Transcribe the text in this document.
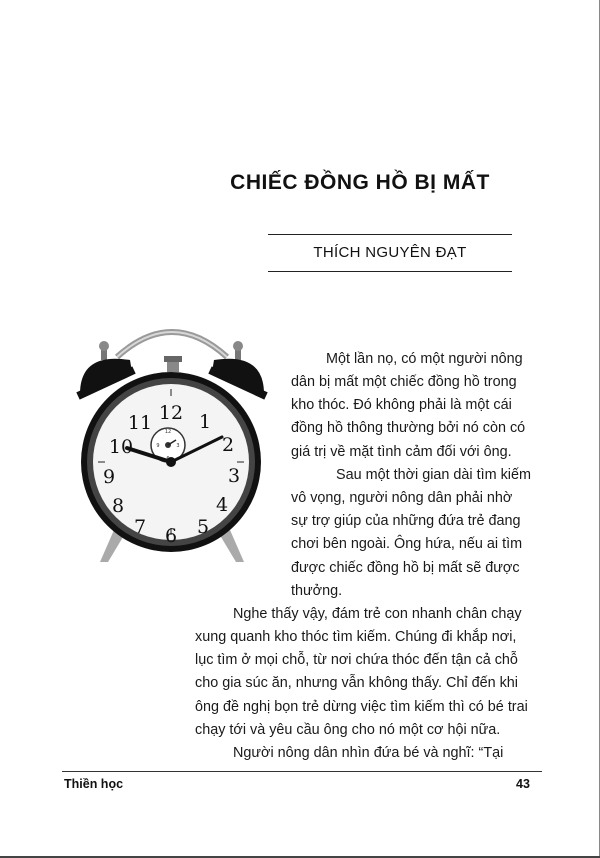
CHIẾC ĐỒNG HỒ BỊ MẤT
THÍCH NGUYÊN ĐẠT
12 1
2
3
4
5
6
7
8
9
10
11	12
3
9

Một lần nọ, có một người nông

dân bị mất một chiếc đồng hồ trong
kho thóc. Đó không phải là một cái
đồng hồ thông thường bởi nó còn có
giá trị về mặt tình cảm đối với ông.

Sau một thời gian dài tìm kiếm

vô vọng, người nông dân phải nhờ
sự trợ giúp của những đứa trẻ đang
chơi bên ngoài. Ông hứa, nếu ai tìm
được chiếc đồng hồ bị mất sẽ được
thưởng.

Nghe thấy vậy, đám trẻ con nhanh chân chạy

xung quanh kho thóc tìm kiếm. Chúng đi khắp nơi,
lục tìm ở mọi chỗ, từ nơi chứa thóc đến tận cả chỗ
cho gia súc ăn, nhưng vẫn không thấy. Chỉ đến khi
ông đề nghị bọn trẻ dừng việc tìm kiếm thì có bé trai
chạy tới và yêu cầu ông cho nó một cơ hội nữa.

Người nông dân nhìn đứa bé và nghĩ: “Tại

Thiền học	43
